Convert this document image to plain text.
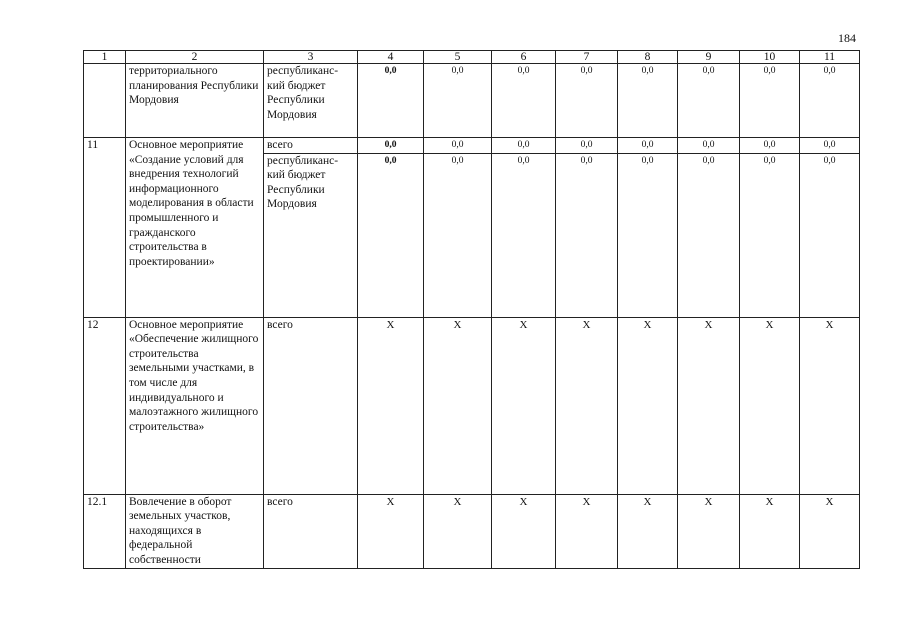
184
1	2	3	4	5	6	7	8	9	10	11
	территориального планирования Республики Мордовия	республиканс-кий бюджет Республики Мордовия	0,0	0,0	0,0	0,0	0,0	0,0	0,0	0,0
11	Основное мероприятие «Создание условий для внедрения технологий информационного моделирования в области промышленного и гражданского строительства в проектировании»	всего	0,0	0,0	0,0	0,0	0,0	0,0	0,0	0,0
		республиканс-кий бюджет Республики Мордовия	0,0	0,0	0,0	0,0	0,0	0,0	0,0	0,0
12	Основное мероприятие «Обеспечение жилищного строительства земельными участками, в том числе для индивидуального и малоэтажного жилищного строительства»	всего	Х	Х	Х	Х	Х	Х	Х	Х
12.1	Вовлечение в оборот земельных участков, находящихся в федеральной собственности	всего	Х	Х	Х	Х	Х	Х	Х	Х
